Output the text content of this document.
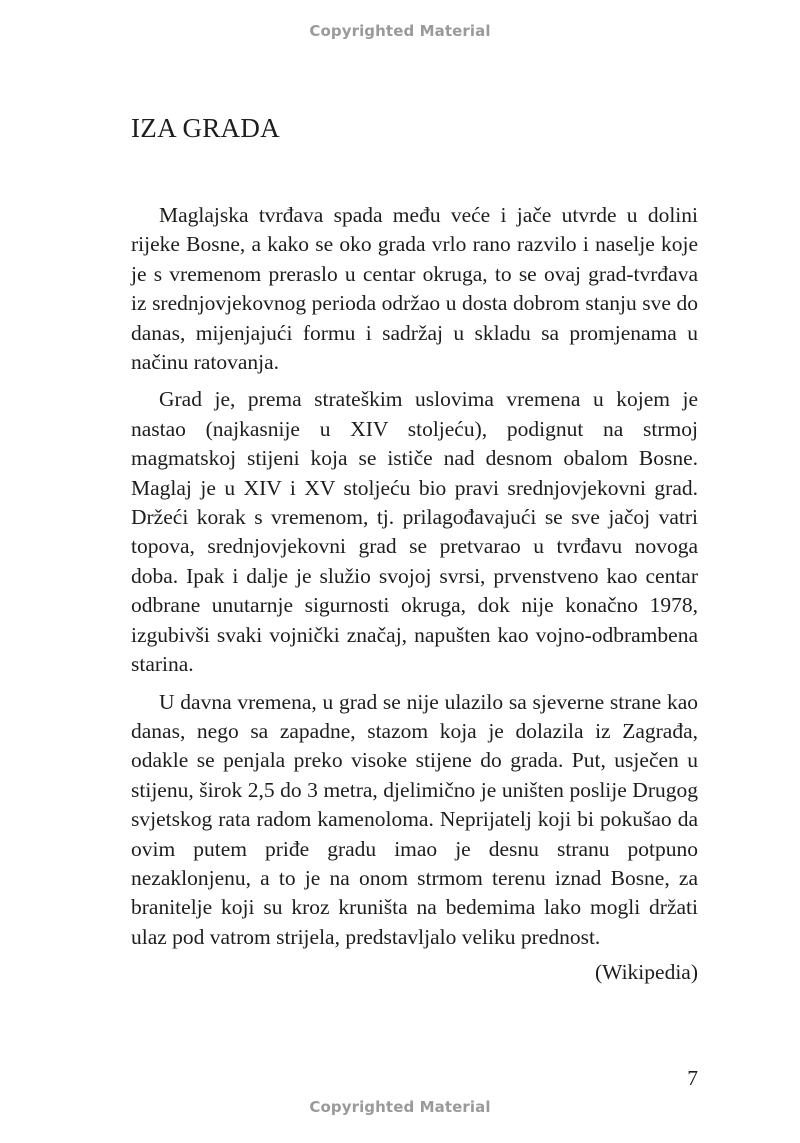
Copyrighted Material
IZA GRADA

Maglajska tvrđava spada među veće i jače utvrde u dolini rijeke Bosne, a kako se oko grada vrlo rano razvilo i naselje koje je s vremenom preraslo u centar okruga, to se ovaj grad-tvrđava iz srednjovjekovnog perioda održao u dosta dobrom stanju sve do danas, mijenjajući formu i sadržaj u skladu sa promjenama u načinu ratovanja.

Grad je, prema strateškim uslovima vremena u kojem je nastao (najkasnije u XIV stoljeću), podignut na strmoj magmatskoj stijeni koja se ističe nad desnom obalom Bosne. Maglaj je u XIV i XV stoljeću bio pravi srednjovjekovni grad. Držeći korak s vremenom, tj. prilagođavajući se sve jačoj vatri topova, srednjovjekovni grad se pretvarao u tvrđavu novoga doba. Ipak i dalje je služio svojoj svrsi, prvenstveno kao centar odbrane unutarnje sigurnosti okruga, dok nije konačno 1978, izgubivši svaki vojnički značaj, napušten kao vojno-odbrambena starina.

U davna vremena, u grad se nije ulazilo sa sjeverne strane kao danas, nego sa zapadne, stazom koja je dolazila iz Zagrađa, odakle se penjala preko visoke stijene do grada. Put, usječen u stijenu, širok 2,5 do 3 metra, djelimično je uništen poslije Drugog svjetskog rata radom kamenoloma. Neprijatelj koji bi pokušao da ovim putem priđe gradu imao je desnu stranu potpuno nezaklonjenu, a to je na onom strmom terenu iznad Bosne, za branitelje koji su kroz kruništa na bedemima lako mogli držati ulaz pod vatrom strijela, predstavljalo veliku prednost.

(Wikipedia)
7
Copyrighted Material
